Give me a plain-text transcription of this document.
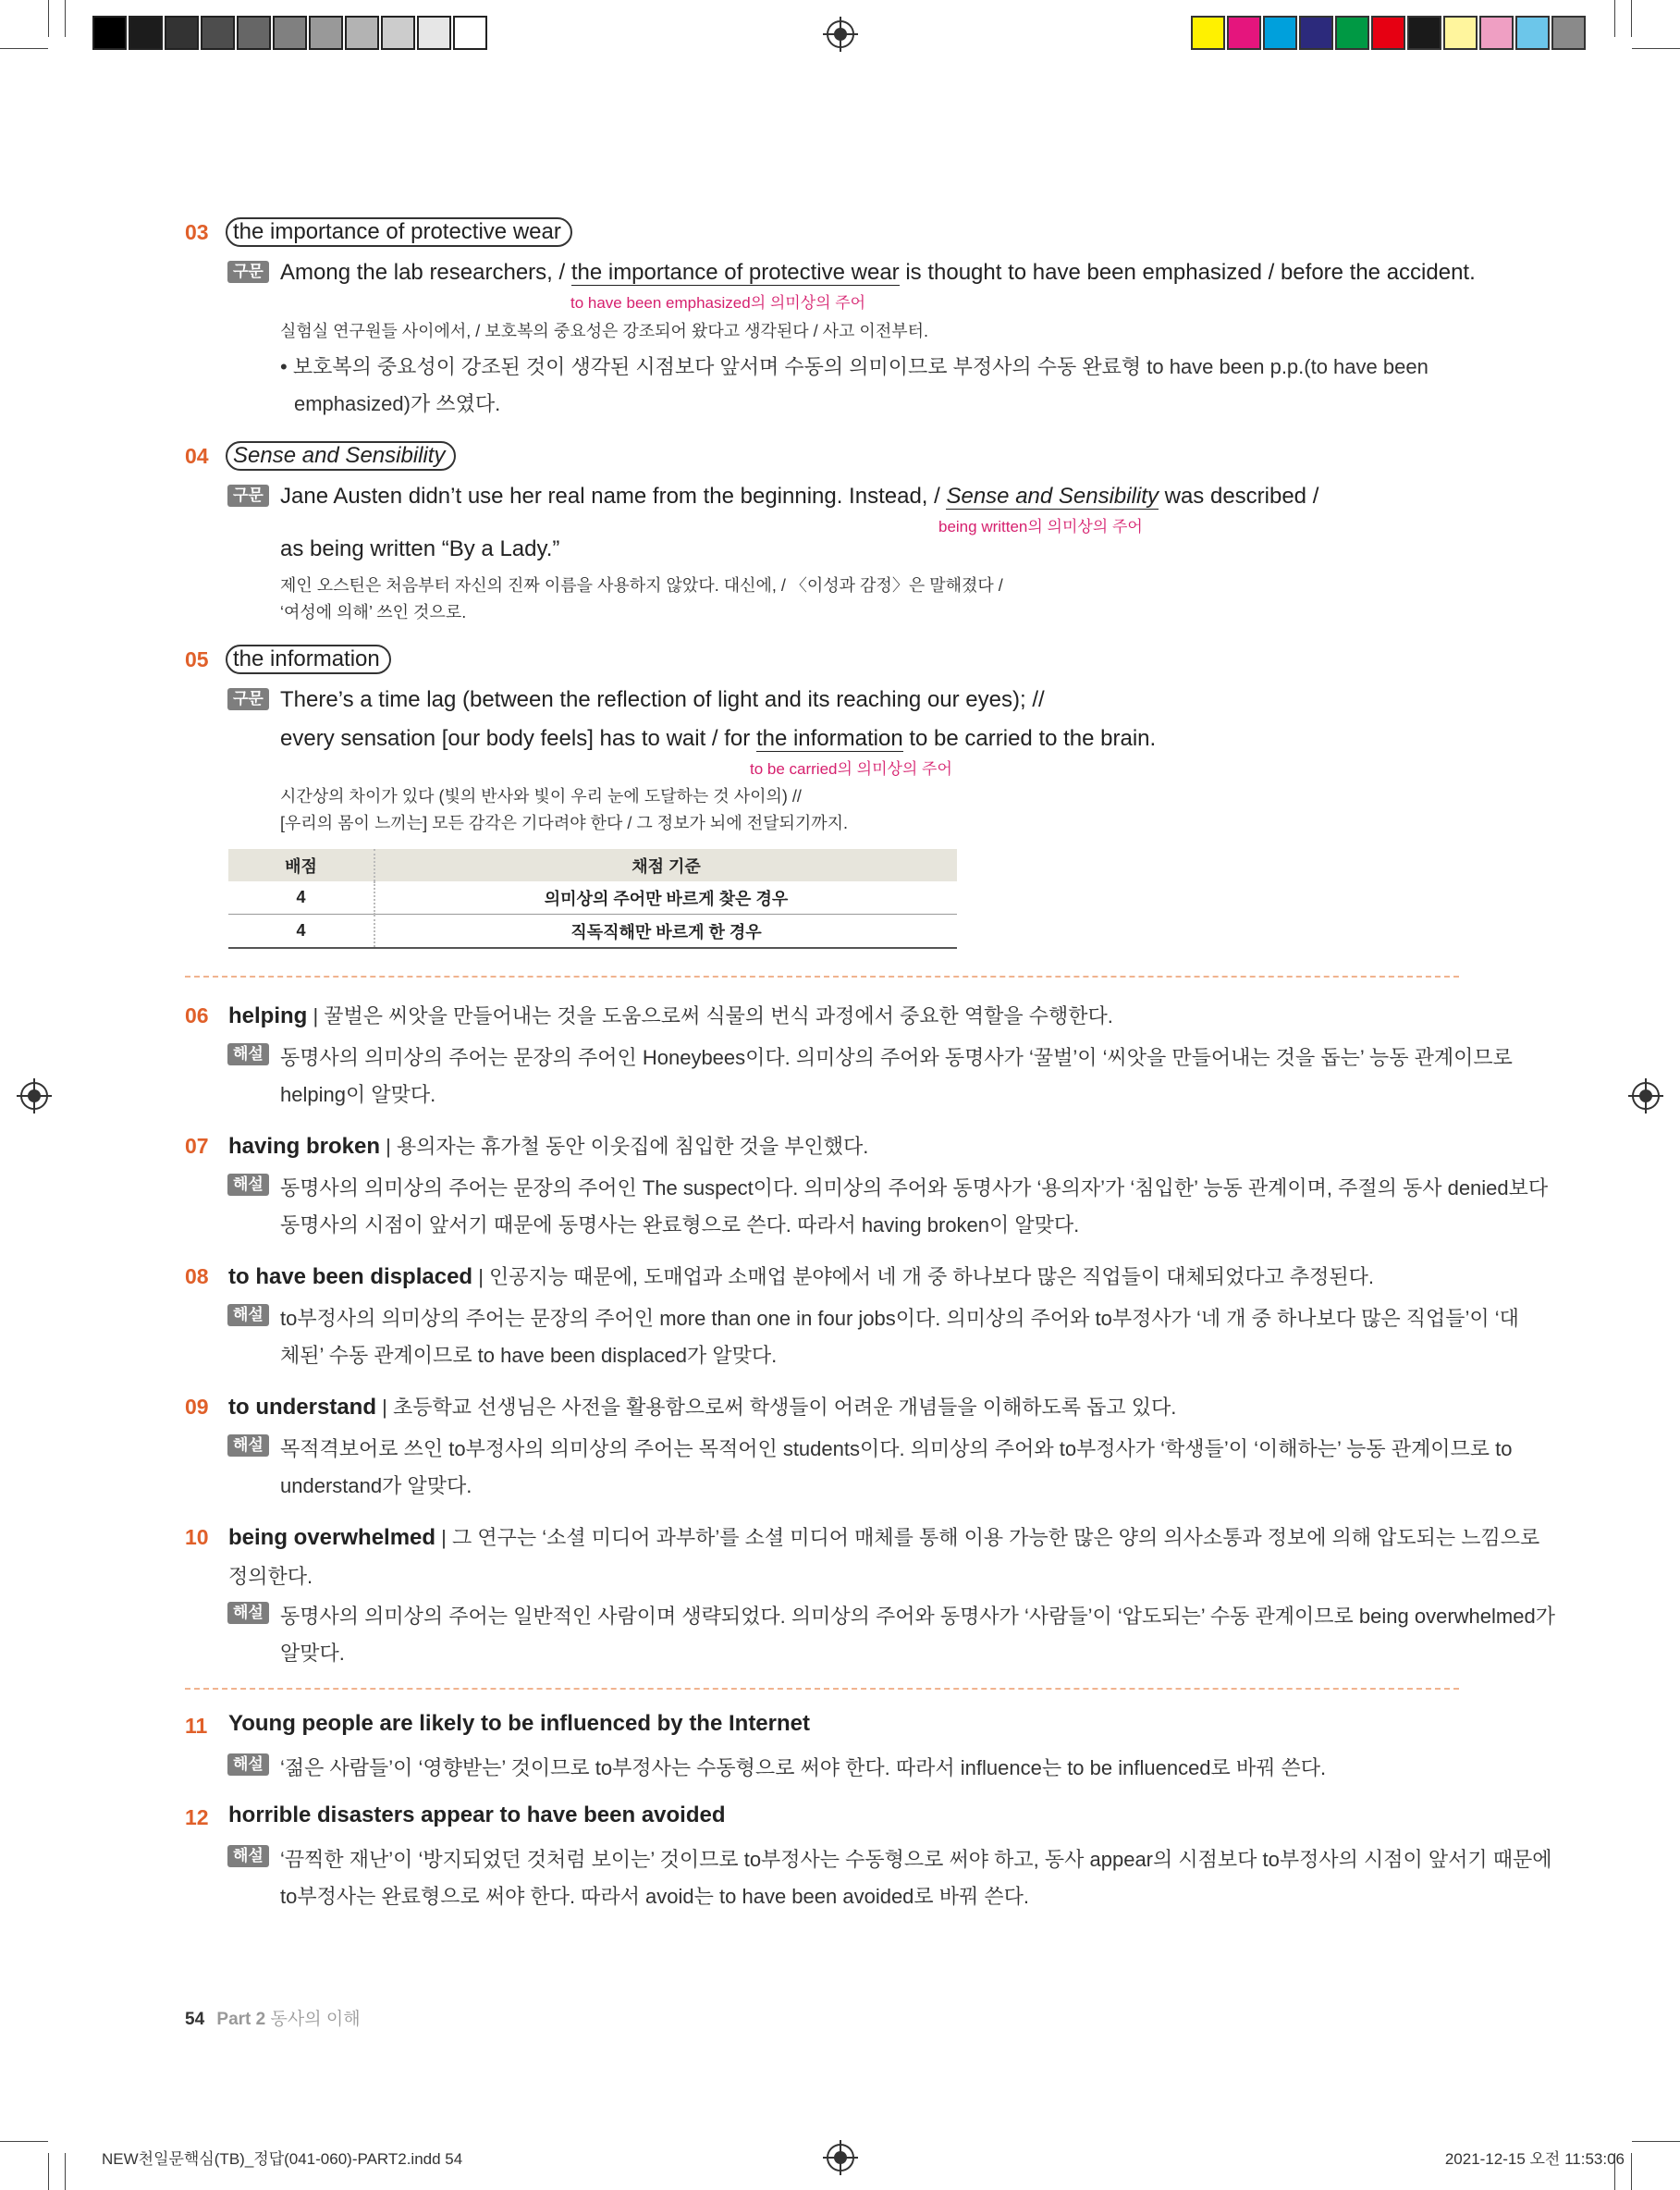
03	the importance of protective wear
구문 Among the lab researchers, / the importance of protective wear is thought to have been emphasized / before the accident.
to have been emphasized의 의미상의 주어
실험실 연구원들 사이에서, / 보호복의 중요성은 강조되어 왔다고 생각된다 / 사고 이전부터.
• 보호복의 중요성이 강조된 것이 생각된 시점보다 앞서며 수동의 의미이므로 부정사의 수동 완료형 to have been p.p.(to have been
emphasized)가 쓰였다.
04	Sense and Sensibility
구문 Jane Austen didn’t use her real name from the beginning. Instead, / Sense and Sensibility was described /
being written의 의미상의 주어
as being written “By a Lady.”
제인 오스틴은 처음부터 자신의 진짜 이름을 사용하지 않았다. 대신에, / 〈이성과 감정〉은 말해졌다 /
‘여성에 의해’ 쓰인 것으로.
05	the information
구문 There’s a time lag (between the reflection of light and its reaching our eyes); //
every sensation [our body feels] has to wait / for the information to be carried to the brain.
to be carried의 의미상의 주어
시간상의 차이가 있다 (빛의 반사와 빛이 우리 눈에 도달하는 것 사이의) //
[우리의 몸이 느끼는] 모든 감각은 기다려야 한다 / 그 정보가 뇌에 전달되기까지.
배점	채점 기준
4	의미상의 주어만 바르게 찾은 경우
4	직독직해만 바르게 한 경우
06 helping | 꿀벌은 씨앗을 만들어내는 것을 도움으로써 식물의 번식 과정에서 중요한 역할을 수행한다.
해설 동명사의 의미상의 주어는 문장의 주어인 Honeybees이다. 의미상의 주어와 동명사가 ‘꿀벌’이 ‘씨앗을 만들어내는 것을 돕는’ 능동 관계이므로
helping이 알맞다.
07 having broken | 용의자는 휴가철 동안 이웃집에 침입한 것을 부인했다.
해설 동명사의 의미상의 주어는 문장의 주어인 The suspect이다. 의미상의 주어와 동명사가 ‘용의자’가 ‘침입한’ 능동 관계이며, 주절의 동사 denied보다
동명사의 시점이 앞서기 때문에 동명사는 완료형으로 쓴다. 따라서 having broken이 알맞다.
08 to have been displaced | 인공지능 때문에, 도매업과 소매업 분야에서 네 개 중 하나보다 많은 직업들이 대체되었다고 추정된다.
해설 to부정사의 의미상의 주어는 문장의 주어인 more than one in four jobs이다. 의미상의 주어와 to부정사가 ‘네 개 중 하나보다 많은 직업들’이 ‘대
체된’ 수동 관계이므로 to have been displaced가 알맞다.
09 to understand | 초등학교 선생님은 사전을 활용함으로써 학생들이 어려운 개념들을 이해하도록 돕고 있다.
해설 목적격보어로 쓰인 to부정사의 의미상의 주어는 목적어인 students이다. 의미상의 주어와 to부정사가 ‘학생들’이 ‘이해하는’ 능동 관계이므로 to
understand가 알맞다.
10 being overwhelmed | 그 연구는 ‘소셜 미디어 과부하’를 소셜 미디어 매체를 통해 이용 가능한 많은 양의 의사소통과 정보에 의해 압도되는 느낌으로
정의한다.
해설 동명사의 의미상의 주어는 일반적인 사람이며 생략되었다. 의미상의 주어와 동명사가 ‘사람들’이 ‘압도되는’ 수동 관계이므로 being overwhelmed가
알맞다.
11 Young people are likely to be influenced by the Internet
해설 ‘젊은 사람들’이 ‘영향받는’ 것이므로 to부정사는 수동형으로 써야 한다. 따라서 influence는 to be influenced로 바꿔 쓴다.
12 horrible disasters appear to have been avoided
해설 ‘끔찍한 재난’이 ‘방지되었던 것처럼 보이는’ 것이므로 to부정사는 수동형으로 써야 하고, 동사 appear의 시점보다 to부정사의 시점이 앞서기 때문에
to부정사는 완료형으로 써야 한다. 따라서 avoid는 to have been avoided로 바꿔 쓴다.
54 Part 2 동사의 이해
NEW천일문핵심(TB)_정답(041-060)-PART2.indd 54	2021-12-15 오전 11:53:06
